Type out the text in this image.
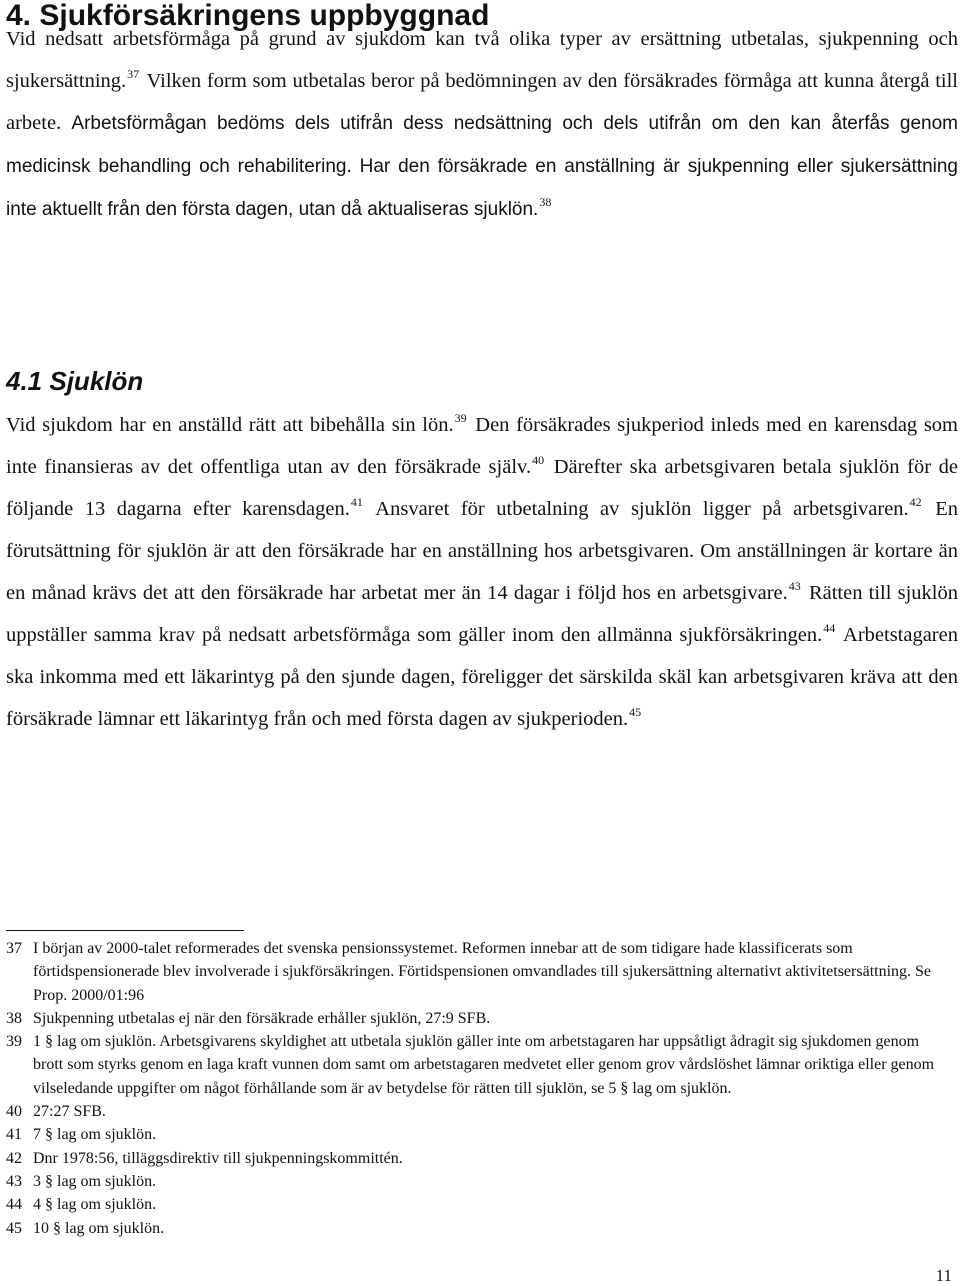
4. Sjukförsäkringens uppbyggnad

Vid nedsatt arbetsförmåga på grund av sjukdom kan två olika typer av ersättning utbetalas, sjukpenning och sjukersättning.$^{37}$ Vilken form som utbetalas beror på bedömningen av den försäkrades förmåga att kunna återgå till arbete. Arbetsförmågan bedöms dels utifrån dess nedsättning och dels utifrån om den kan återfås genom medicinsk behandling och rehabilitering. Har den försäkrade en anställning är sjukpenning eller sjukersättning inte aktuellt från den första dagen, utan då aktualiseras sjuklön.$^{38}$

4.1 Sjuklön

Vid sjukdom har en anställd rätt att bibehålla sin lön.$^{39}$ Den försäkrades sjukperiod inleds med en karensdag som inte finansieras av det offentliga utan av den försäkrade själv.$^{40}$ Därefter ska arbetsgivaren betala sjuklön för de följande 13 dagarna efter karensdagen.$^{41}$ Ansvaret för utbetalning av sjuklön ligger på arbetsgivaren.$^{42}$ En förutsättning för sjuklön är att den försäkrade har en anställning hos arbetsgivaren. Om anställningen är kortare än en månad krävs det att den försäkrade har arbetat mer än 14 dagar i följd hos en arbetsgivare.$^{43}$ Rätten till sjuklön uppställer samma krav på nedsatt arbetsförmåga som gäller inom den allmänna sjukförsäkringen.$^{44}$ Arbetstagaren ska inkomma med ett läkarintyg på den sjunde dagen, föreligger det särskilda skäl kan arbetsgivaren kräva att den försäkrade lämnar ett läkarintyg från och med första dagen av sjukperioden.$^{45}$

37 I början av 2000-talet reformerades det svenska pensionssystemet. Reformen innebar att de som tidigare hade klassificerats som förtidspensionerade blev involverade i sjukförsäkringen. Förtidspensionen omvandlades till sjukersättning alternativt aktivitetsersättning. Se Prop. 2000/01:96
38 Sjukpenning utbetalas ej när den försäkrade erhåller sjuklön, 27:9 SFB.
39 1 § lag om sjuklön. Arbetsgivarens skyldighet att utbetala sjuklön gäller inte om arbetstagaren har uppsåtligt ådragit sig sjukdomen genom brott som styrks genom en laga kraft vunnen dom samt om arbetstagaren medvetet eller genom grov vårdslöshet lämnar oriktiga eller genom vilseledande uppgifter om något förhållande som är av betydelse för rätten till sjuklön, se 5 § lag om sjuklön.
40 27:27 SFB.
41 7 § lag om sjuklön.
42 Dnr 1978:56, tilläggsdirektiv till sjukpenningskommittén.
43 3 § lag om sjuklön.
44 4 § lag om sjuklön.
45 10 § lag om sjuklön.
11
